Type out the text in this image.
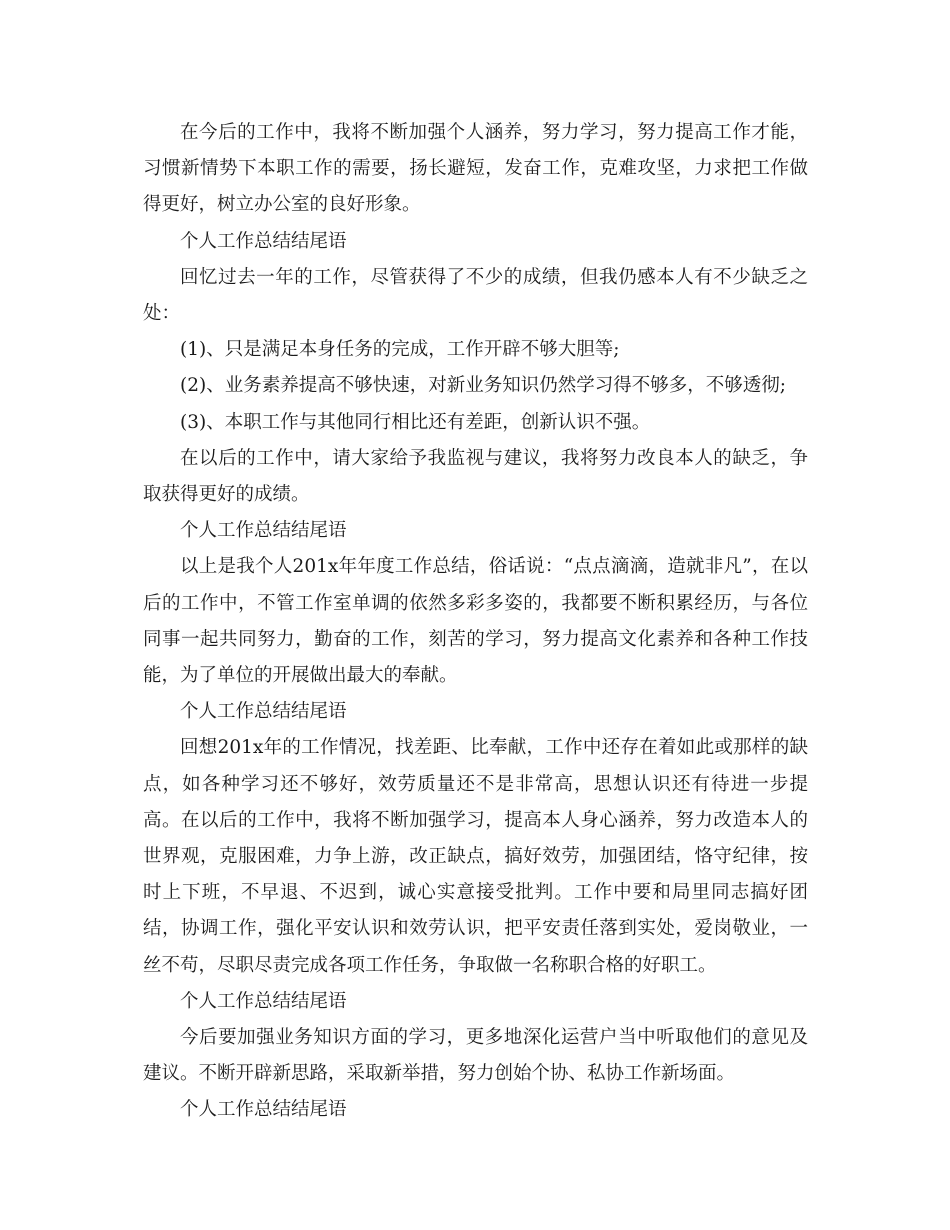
在今后的工作中，我将不断加强个人涵养，努力学习，努力提高工作才能，习惯新情势下本职工作的需要，扬长避短，发奋工作，克难攻坚，力求把工作做得更好，树立办公室的良好形象。

个人工作总结结尾语

回忆过去一年的工作，尽管获得了不少的成绩，但我仍感本人有不少缺乏之处：

(1)、只是满足本身任务的完成，工作开辟不够大胆等;

(2)、业务素养提高不够快速，对新业务知识仍然学习得不够多，不够透彻;

(3)、本职工作与其他同行相比还有差距，创新认识不强。

在以后的工作中，请大家给予我监视与建议，我将努力改良本人的缺乏，争取获得更好的成绩。

个人工作总结结尾语

以上是我个人201x年年度工作总结，俗话说：“点点滴滴，造就非凡”，在以后的工作中，不管工作室单调的依然多彩多姿的，我都要不断积累经历，与各位同事一起共同努力，勤奋的工作，刻苦的学习，努力提高文化素养和各种工作技能，为了单位的开展做出最大的奉献。

个人工作总结结尾语

回想201x年的工作情况，找差距、比奉献，工作中还存在着如此或那样的缺点，如各种学习还不够好，效劳质量还不是非常高，思想认识还有待进一步提高。在以后的工作中，我将不断加强学习，提高本人身心涵养，努力改造本人的世界观，克服困难，力争上游，改正缺点，搞好效劳，加强团结，恪守纪律，按时上下班，不早退、不迟到，诚心实意接受批判。工作中要和局里同志搞好团结，协调工作，强化平安认识和效劳认识，把平安责任落到实处，爱岗敬业，一丝不苟，尽职尽责完成各项工作任务，争取做一名称职合格的好职工。

个人工作总结结尾语

今后要加强业务知识方面的学习，更多地深化运营户当中听取他们的意见及建议。不断开辟新思路，采取新举措，努力创始个协、私协工作新场面。

个人工作总结结尾语
